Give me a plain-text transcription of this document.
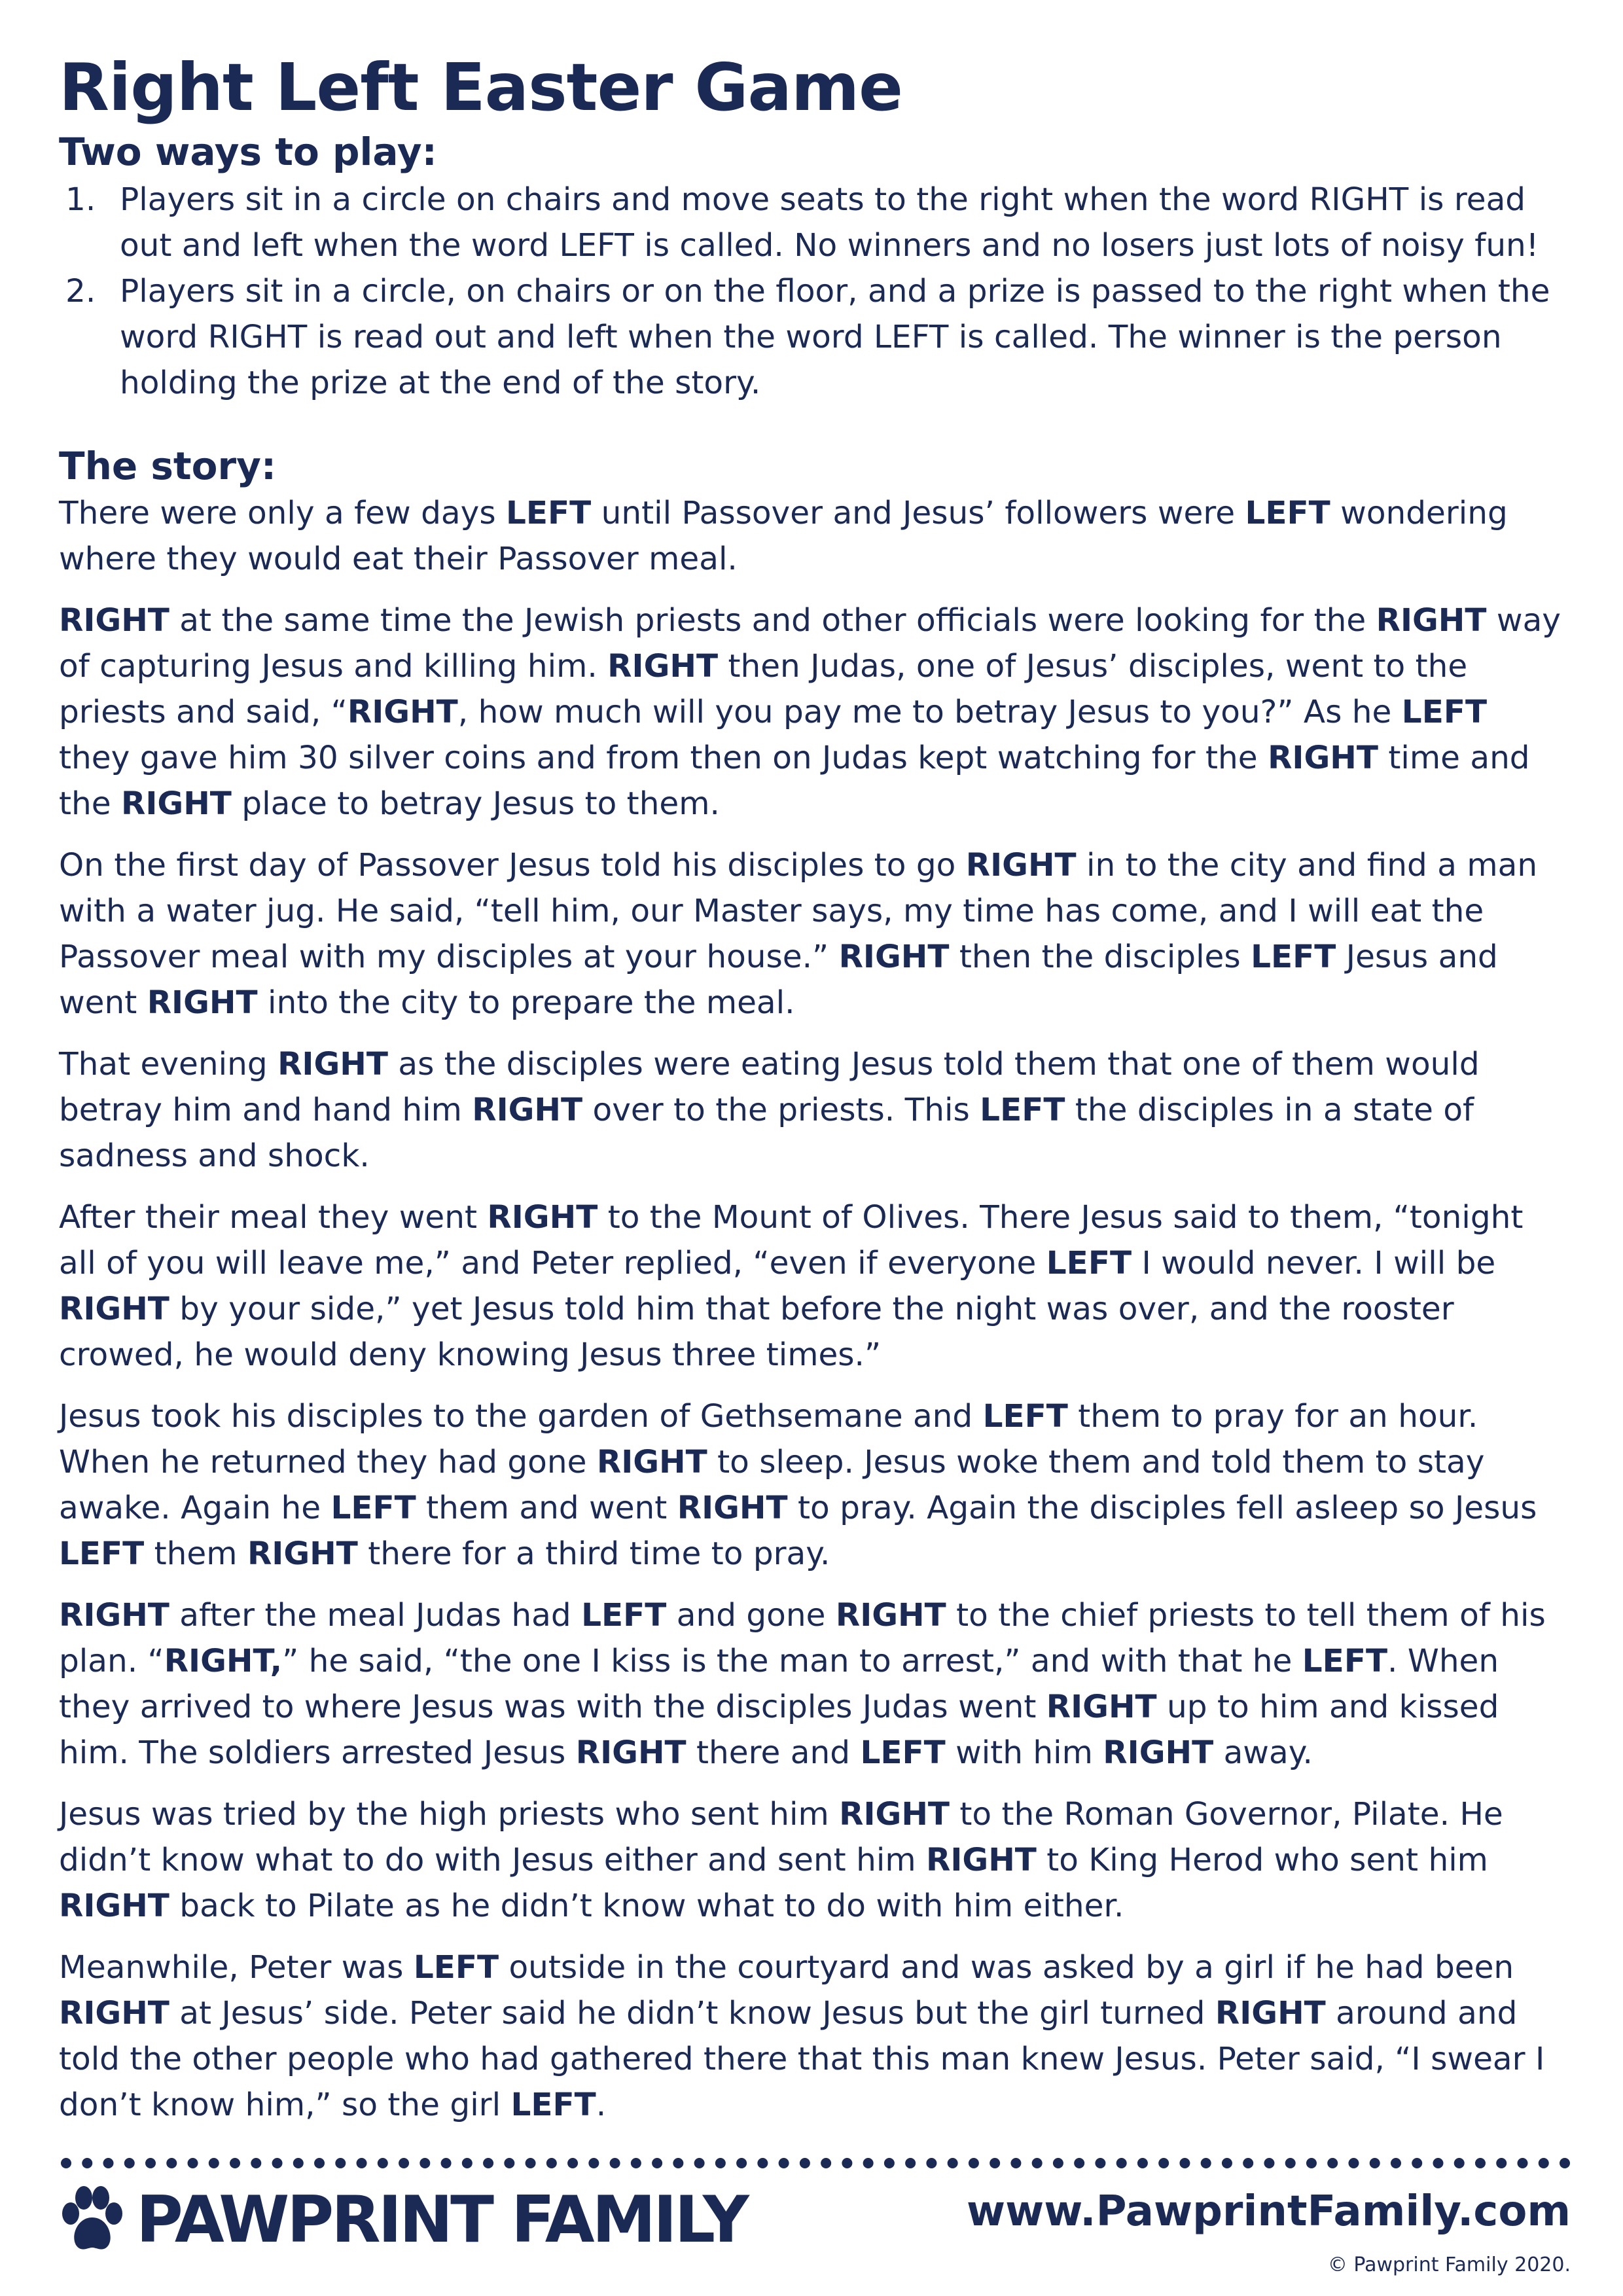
Right Left Easter Game
Two ways to play:
1. Players sit in a circle on chairs and move seats to the right when the word RIGHT is read out and left when the word LEFT is called. No winners and no losers just lots of noisy fun!
2. Players sit in a circle, on chairs or on the floor, and a prize is passed to the right when the word RIGHT is read out and left when the word LEFT is called. The winner is the person holding the prize at the end of the story.
The story:

There were only a few days LEFT until Passover and Jesus’ followers were LEFT wondering where they would eat their Passover meal.

RIGHT at the same time the Jewish priests and other officials were looking for the RIGHT way of capturing Jesus and killing him. RIGHT then Judas, one of Jesus’ disciples, went to the priests and said, “RIGHT, how much will you pay me to betray Jesus to you?” As he LEFT they gave him 30 silver coins and from then on Judas kept watching for the RIGHT time and the RIGHT place to betray Jesus to them.

On the first day of Passover Jesus told his disciples to go RIGHT in to the city and find a man with a water jug. He said, “tell him, our Master says, my time has come, and I will eat the Passover meal with my disciples at your house.” RIGHT then the disciples LEFT Jesus and went RIGHT into the city to prepare the meal.

That evening RIGHT as the disciples were eating Jesus told them that one of them would betray him and hand him RIGHT over to the priests. This LEFT the disciples in a state of sadness and shock.

After their meal they went RIGHT to the Mount of Olives. There Jesus said to them, “tonight all of you will leave me,” and Peter replied, “even if everyone LEFT I would never. I will be RIGHT by your side,” yet Jesus told him that before the night was over, and the rooster crowed, he would deny knowing Jesus three times.”

Jesus took his disciples to the garden of Gethsemane and LEFT them to pray for an hour. When he returned they had gone RIGHT to sleep. Jesus woke them and told them to stay awake. Again he LEFT them and went RIGHT to pray. Again the disciples fell asleep so Jesus LEFT them RIGHT there for a third time to pray.

RIGHT after the meal Judas had LEFT and gone RIGHT to the chief priests to tell them of his plan. “RIGHT,” he said, “the one I kiss is the man to arrest,” and with that he LEFT. When they arrived to where Jesus was with the disciples Judas went RIGHT up to him and kissed him. The soldiers arrested Jesus RIGHT there and LEFT with him RIGHT away.

Jesus was tried by the high priests who sent him RIGHT to the Roman Governor, Pilate. He didn’t know what to do with Jesus either and sent him RIGHT to King Herod who sent him RIGHT back to Pilate as he didn’t know what to do with him either.

Meanwhile, Peter was LEFT outside in the courtyard and was asked by a girl if he had been RIGHT at Jesus’ side. Peter said he didn’t know Jesus but the girl turned RIGHT around and told the other people who had gathered there that this man knew Jesus. Peter said, “I swear I don’t know him,” so the girl LEFT.

PAWPRINT FAMILY	www.PawprintFamily.com
© Pawprint Family 2020.
